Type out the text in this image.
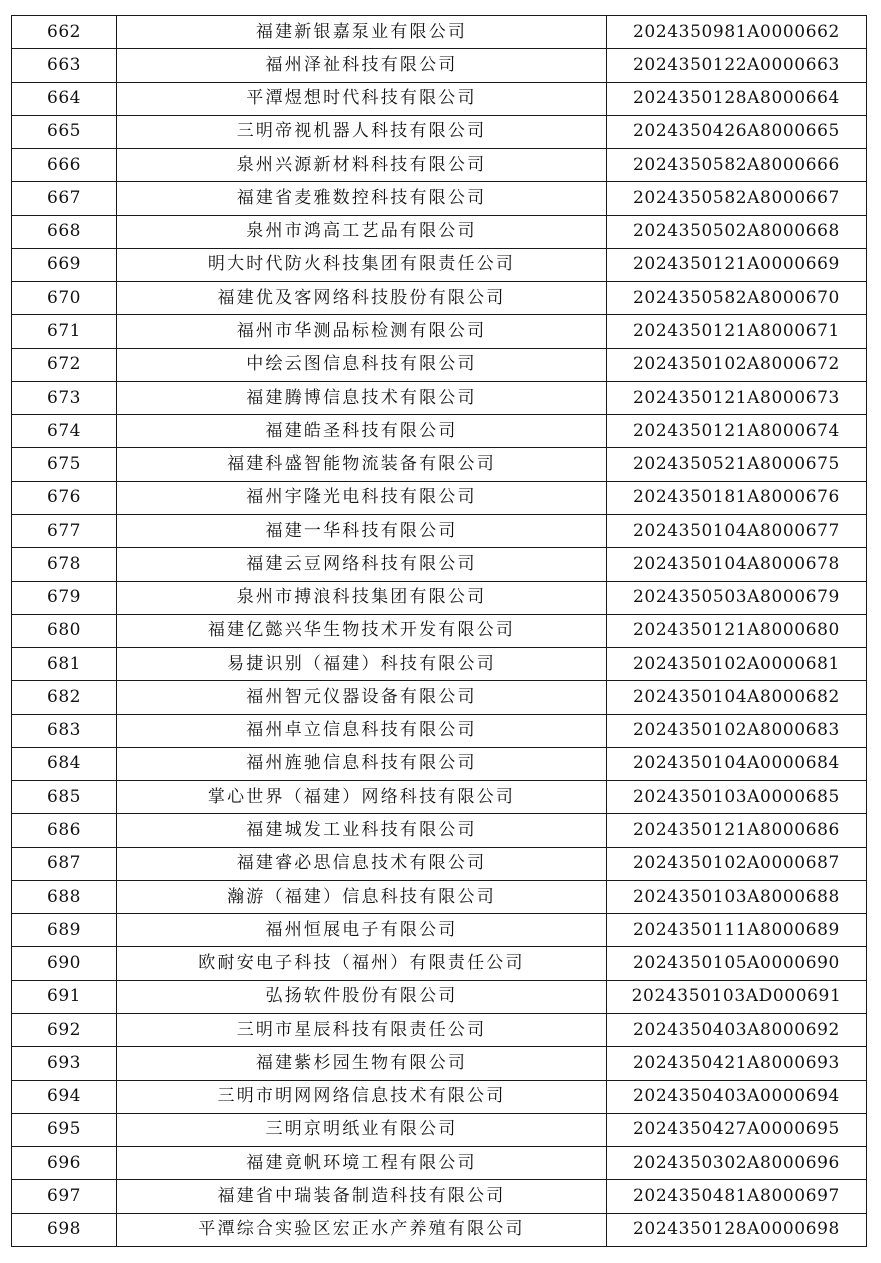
662	福建新银嘉泵业有限公司	2024350981A0000662
663	福州泽祉科技有限公司	2024350122A0000663
664	平潭煜想时代科技有限公司	2024350128A8000664
665	三明帝视机器人科技有限公司	2024350426A8000665
666	泉州兴源新材料科技有限公司	2024350582A8000666
667	福建省麦雅数控科技有限公司	2024350582A8000667
668	泉州市鸿高工艺品有限公司	2024350502A8000668
669	明大时代防火科技集团有限责任公司	2024350121A0000669
670	福建优及客网络科技股份有限公司	2024350582A8000670
671	福州市华测品标检测有限公司	2024350121A8000671
672	中绘云图信息科技有限公司	2024350102A8000672
673	福建腾博信息技术有限公司	2024350121A8000673
674	福建皓圣科技有限公司	2024350121A8000674
675	福建科盛智能物流装备有限公司	2024350521A8000675
676	福州宇隆光电科技有限公司	2024350181A8000676
677	福建一华科技有限公司	2024350104A8000677
678	福建云豆网络科技有限公司	2024350104A8000678
679	泉州市搏浪科技集团有限公司	2024350503A8000679
680	福建亿懿兴华生物技术开发有限公司	2024350121A8000680
681	易捷识别（福建）科技有限公司	2024350102A0000681
682	福州智元仪器设备有限公司	2024350104A8000682
683	福州卓立信息科技有限公司	2024350102A8000683
684	福州旌驰信息科技有限公司	2024350104A0000684
685	掌心世界（福建）网络科技有限公司	2024350103A0000685
686	福建城发工业科技有限公司	2024350121A8000686
687	福建睿必思信息技术有限公司	2024350102A0000687
688	瀚游（福建）信息科技有限公司	2024350103A8000688
689	福州恒展电子有限公司	2024350111A8000689
690	欧耐安电子科技（福州）有限责任公司	2024350105A0000690
691	弘扬软件股份有限公司	2024350103AD000691
692	三明市星辰科技有限责任公司	2024350403A8000692
693	福建紫杉园生物有限公司	2024350421A8000693
694	三明市明网网络信息技术有限公司	2024350403A0000694
695	三明京明纸业有限公司	2024350427A0000695
696	福建竟帆环境工程有限公司	2024350302A8000696
697	福建省中瑞装备制造科技有限公司	2024350481A8000697
698	平潭综合实验区宏正水产养殖有限公司	2024350128A0000698
